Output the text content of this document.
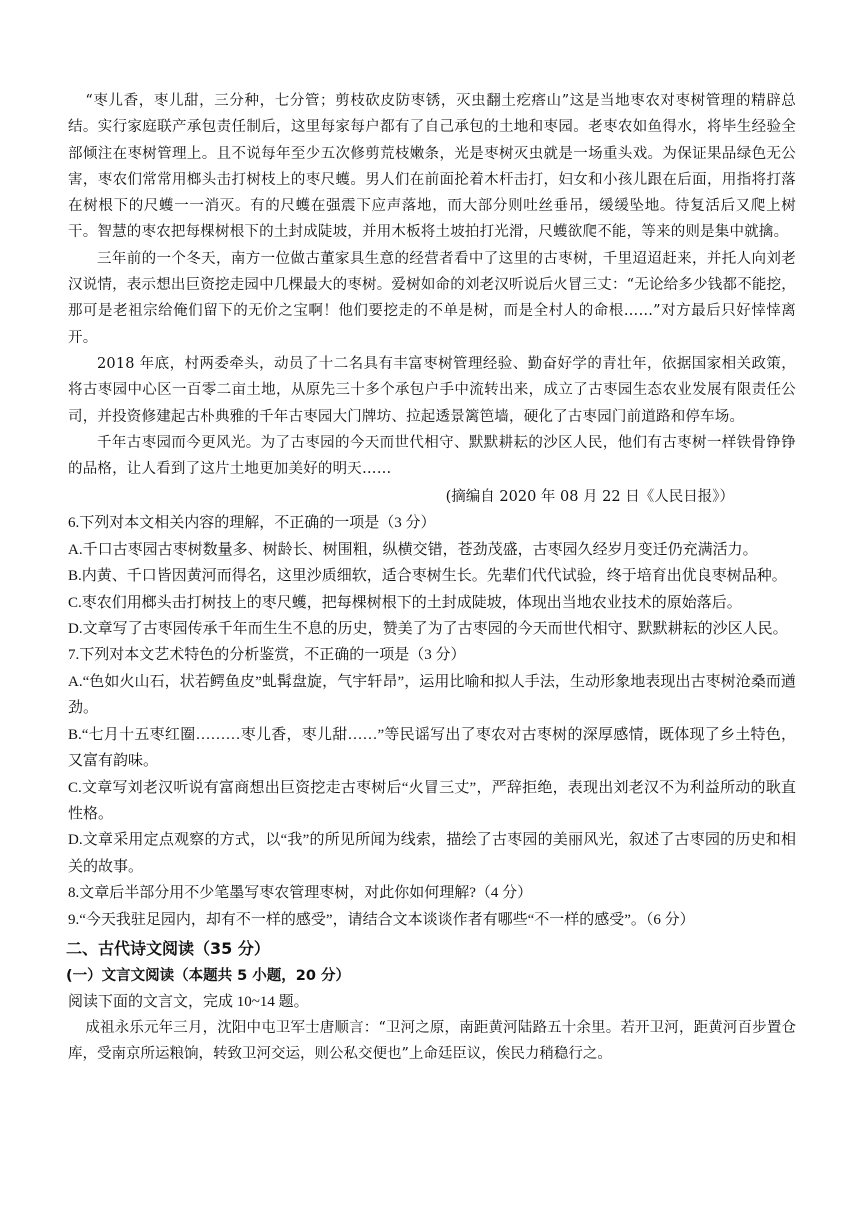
“枣儿香，枣儿甜，三分种，七分管；剪枝砍皮防枣锈，灭虫翻土疙瘩山”这是当地枣农对枣树管理的精辟总结。实行家庭联产承包责任制后，这里每家每户都有了自己承包的土地和枣园。老枣农如鱼得水，将毕生经验全部倾注在枣树管理上。且不说每年至少五次修剪荒枝嫩条，光是枣树灭虫就是一场重头戏。为保证果品绿色无公害，枣农们常常用榔头击打树枝上的枣尺蠖。男人们在前面抡着木杆击打，妇女和小孩儿跟在后面，用指将打落在树根下的尺蠖一一消灭。有的尺蠖在强震下应声落地，而大部分则吐丝垂吊，缓缓坠地。待复活后又爬上树干。智慧的枣农把每棵树根下的土封成陡坡，并用木板将土坡拍打光滑，尺蠖欲爬不能，等来的则是集中就擒。

三年前的一个冬天，南方一位做古董家具生意的经营者看中了这里的古枣树，千里迢迢赶来，并托人向刘老汉说情，表示想出巨资挖走园中几棵最大的枣树。爱树如命的刘老汉听说后火冒三丈：“无论给多少钱都不能挖，那可是老祖宗给俺们留下的无价之宝啊！他们要挖走的不单是树，而是全村人的命根……”对方最后只好悻悻离开。

2018 年底，村两委牵头，动员了十二名具有丰富枣树管理经验、勤奋好学的青壮年，依据国家相关政策，将古枣园中心区一百零二亩土地，从原先三十多个承包户手中流转出来，成立了古枣园生态农业发展有限责任公司，并投资修建起古朴典雅的千年古枣园大门牌坊、拉起透景篱笆墙，硬化了古枣园门前道路和停车场。

千年古枣园而今更风光。为了古枣园的今天而世代相守、默默耕耘的沙区人民，他们有古枣树一样铁骨铮铮的品格，让人看到了这片土地更加美好的明天……

(摘编自 2020 年 08 月 22 日《人民日报》）

6.下列对本文相关内容的理解，不正确的一项是（3 分）

A.千口古枣园古枣树数量多、树龄长、树围粗，纵横交错，苍劲茂盛，古枣园久经岁月变迁仍充满活力。

B.内黄、千口皆因黄河而得名，这里沙质细软，适合枣树生长。先辈们代代试验，终于培育出优良枣树品种。

C.枣农们用榔头击打树技上的枣尺蠖，把每棵树根下的土封成陡坡，体现出当地农业技术的原始落后。

D.文章写了古枣园传承千年而生生不息的历史，赞美了为了古枣园的今天而世代相守、默默耕耘的沙区人民。

7.下列对本文艺术特色的分析鉴赏，不正确的一项是（3 分）

A.“色如火山石，状若鳄鱼皮”虬髯盘旋，气宇轩昂”，运用比喻和拟人手法，生动形象地表现出古枣树沧桑而遒劲。

B.“七月十五枣红圈………枣儿香，枣儿甜……”等民谣写出了枣农对古枣树的深厚感情，既体现了乡土特色，又富有韵味。

C.文章写刘老汉听说有富商想出巨资挖走古枣树后“火冒三丈”，严辞拒绝，表现出刘老汉不为利益所动的耿直性格。

D.文章采用定点观察的方式，以“我”的所见所闻为线索，描绘了古枣园的美丽风光，叙述了古枣园的历史和相关的故事。

8.文章后半部分用不少笔墨写枣农管理枣树，对此你如何理解?（4 分）

9.“今天我驻足园内，却有不一样的感受”，请结合文本谈谈作者有哪些“不一样的感受”。（6 分）

二、古代诗文阅读（35 分）
(一）文言文阅读（本题共 5 小题，20 分）

阅读下面的文言文，完成 10~14 题。

成祖永乐元年三月，沈阳中屯卫军士唐顺言：“卫河之原，南距黄河陆路五十余里。若开卫河，距黄河百步置仓库，受南京所运粮饷，转致卫河交运，则公私交便也”上命廷臣议，俟民力稍稳行之。
